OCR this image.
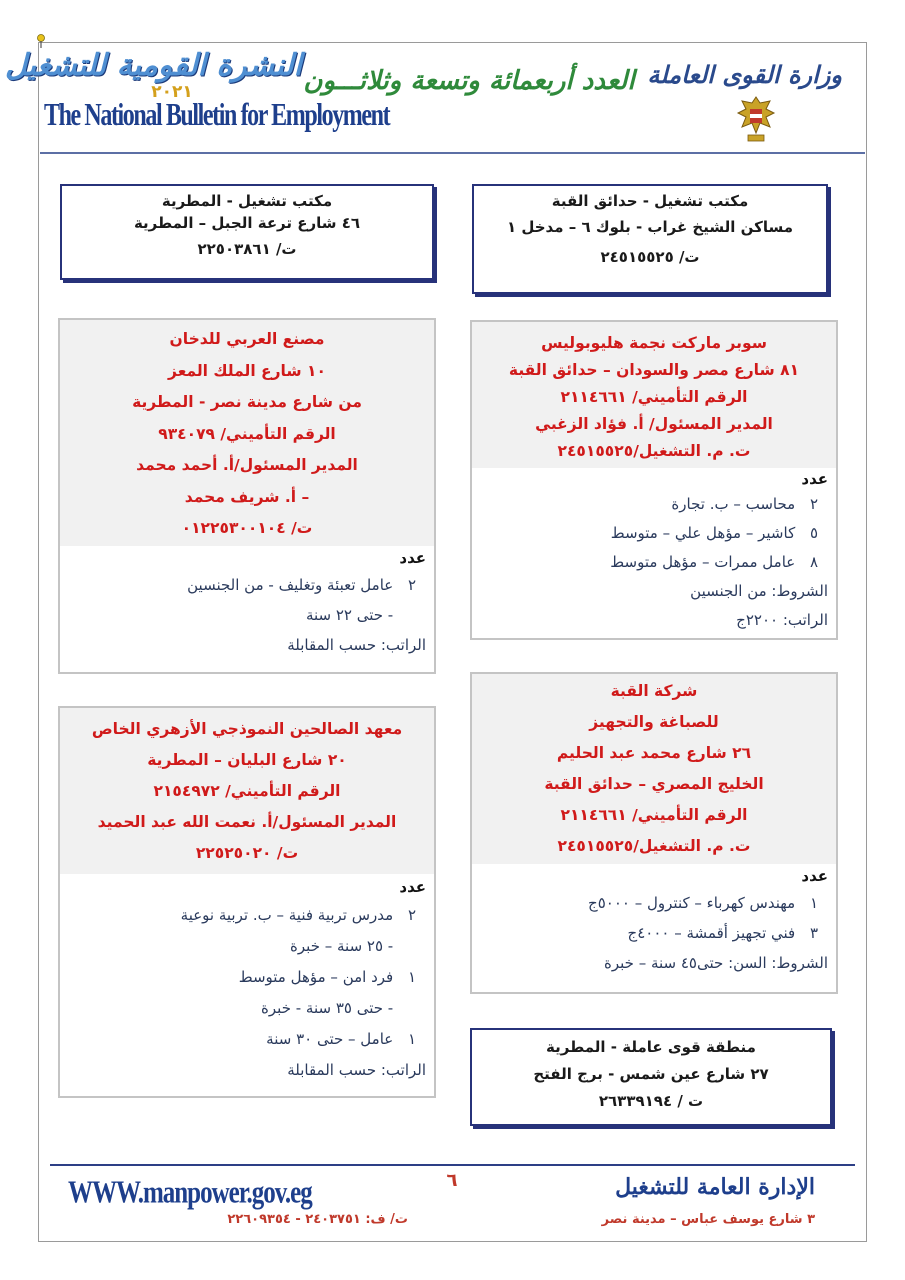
النشرة القومية للتشغيل
٢٠٢١
The National Bulletin for Employment
العدد أربعمائة وتسعة وثلاثـــون وزارة القوى العاملة
مكتب تشغيل - حدائق القبة
مساكن الشيخ غراب - بلوك ٦ – مدخل ١
ت/ ٢٤٥١٥٥٢٥
مكتب تشغيل - المطرية
٤٦ شارع ترعة الجبل – المطرية
ت/ ٢٢٥٠٣٨٦١
سوبر ماركت نجمة هليوبوليس
٨١ شارع مصر والسودان – حدائق القبة
الرقم التأميني/ ٢١١٤٦٦١
المدير المسئول/ أ. فؤاد الزغبي
ت. م. التشغيل/٢٤٥١٥٥٢٥
عدد
٢ محاسب – ب. تجارة
٥ كاشير – مؤهل علي – متوسط
٨ عامل ممرات – مؤهل متوسط
الشروط: من الجنسين
الراتب: ٢٢٠٠ج
مصنع العربي للدخان
١٠ شارع الملك المعز
من شارع مدينة نصر - المطرية
الرقم التأميني/ ٩٣٤٠٧٩
المدير المسئول/أ. أحمد محمد
– أ. شريف محمد
ت/ ٠١٢٢٥٣٠٠١٠٤
عدد
٢ عامل تعبئة وتغليف - من الجنسين
- حتى ٢٢ سنة
الراتب: حسب المقابلة
شركة القبة
للصباغة والتجهيز
٢٦ شارع محمد عبد الحليم
الخليج المصري – حدائق القبة
الرقم التأميني/ ٢١١٤٦٦١
ت. م. التشغيل/٢٤٥١٥٥٢٥
عدد
١ مهندس كهرباء – كنترول – ٥٠٠٠ج
٣ فني تجهيز أقمشة – ٤٠٠٠ج
الشروط: السن: حتى٤٥ سنة – خبرة
معهد الصالحين النموذجي الأزهري الخاص
٢٠ شارع البليان – المطرية
الرقم التأميني/ ٢١٥٤٩٧٢
المدير المسئول/أ. نعمت الله عبد الحميد
ت/ ٢٢٥٢٥٠٢٠
عدد
٢ مدرس تربية فنية – ب. تربية نوعية
- ٢٥ سنة – خبرة
١ فرد امن – مؤهل متوسط
- حتى ٣٥ سنة - خبرة
١ عامل – حتى ٣٠ سنة
الراتب: حسب المقابلة
منطقة قوى عاملة - المطرية
٢٧ شارع عين شمس - برج الفتح
ت / ٢٦٣٣٩١٩٤
WWW.manpower.gov.eg
ت/ ف: ٢٤٠٣٧٥١ - ٢٢٦٠٩٣٥٤
٦	الإدارة العامة للتشغيل
٣ شارع يوسف عباس – مدينة نصر
